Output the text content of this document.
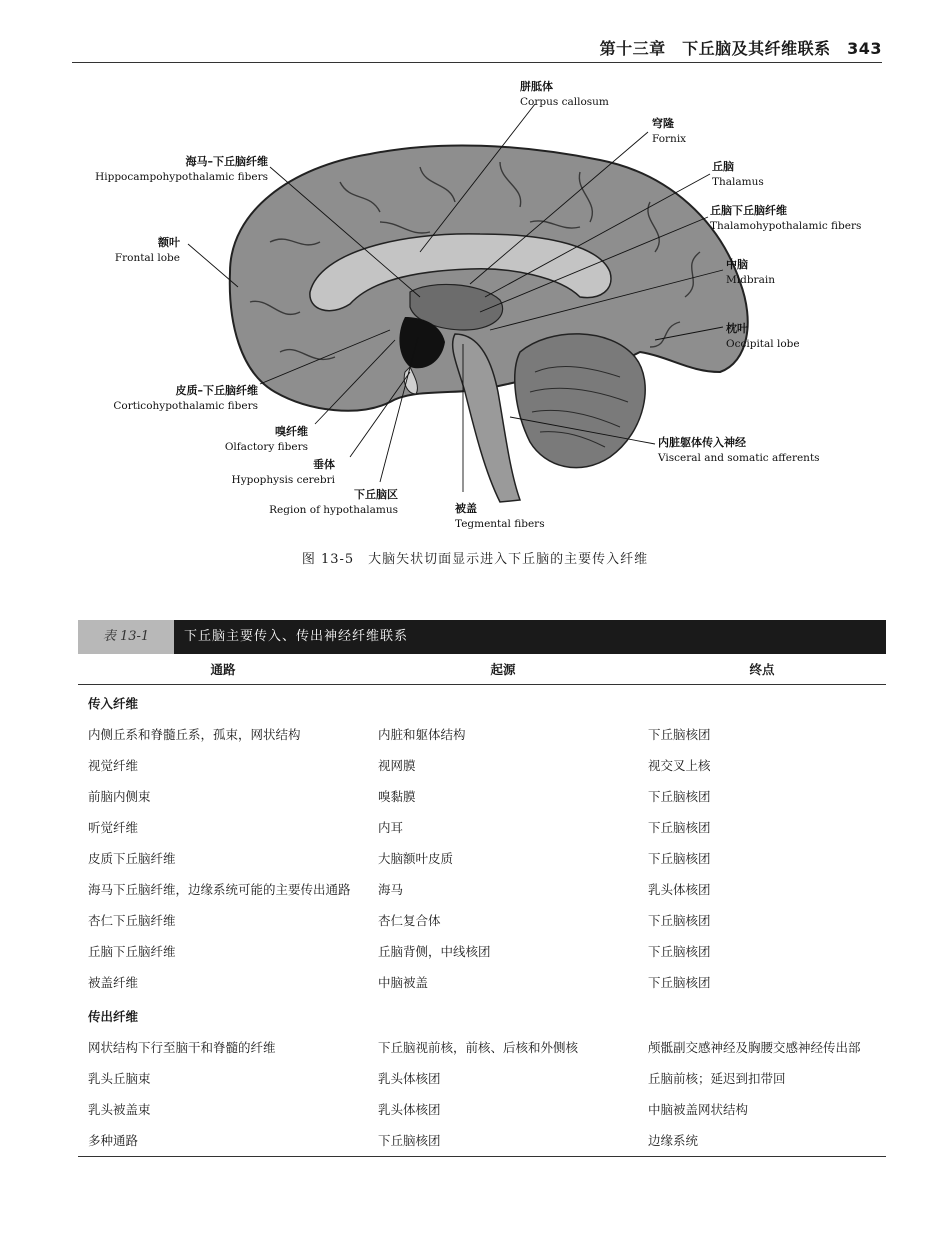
第十三章　下丘脑及其纤维联系　343
胼胝体
Corpus callosum
穹隆
Fornix
海马–下丘脑纤维
Hippocampohypothalamic fibers
丘脑
Thalamus
丘脑下丘脑纤维
Thalamohypothalamic fibers
额叶
Frontal lobe	中脑
Midbrain
枕叶
Occipital lobe
皮质–下丘脑纤维
Corticohypothalamic fibers
嗅纤维
Olfactory fibers	内脏躯体传入神经
Visceral and somatic afferents
垂体
Hypophysis cerebri
下丘脑区
Region of hypothalamus	被盖
Tegmental fibers
图 13-5　大脑矢状切面显示进入下丘脑的主要传入纤维
表 13-1	下丘脑主要传入、传出神经纤维联系
通路	起源	终点
传入纤维		
内侧丘系和脊髓丘系，孤束，网状结构	内脏和躯体结构	下丘脑核团
视觉纤维	视网膜	视交叉上核
前脑内侧束	嗅黏膜	下丘脑核团
听觉纤维	内耳	下丘脑核团
皮质下丘脑纤维	大脑额叶皮质	下丘脑核团
海马下丘脑纤维，边缘系统可能的主要传出通路	海马	乳头体核团
杏仁下丘脑纤维	杏仁复合体	下丘脑核团
丘脑下丘脑纤维	丘脑背侧，中线核团	下丘脑核团
被盖纤维	中脑被盖	下丘脑核团
传出纤维		
网状结构下行至脑干和脊髓的纤维	下丘脑视前核，前核、后核和外侧核	颅骶副交感神经及胸腰交感神经传出部
乳头丘脑束	乳头体核团	丘脑前核；延迟到扣带回
乳头被盖束	乳头体核团	中脑被盖网状结构
多种通路	下丘脑核团	边缘系统
